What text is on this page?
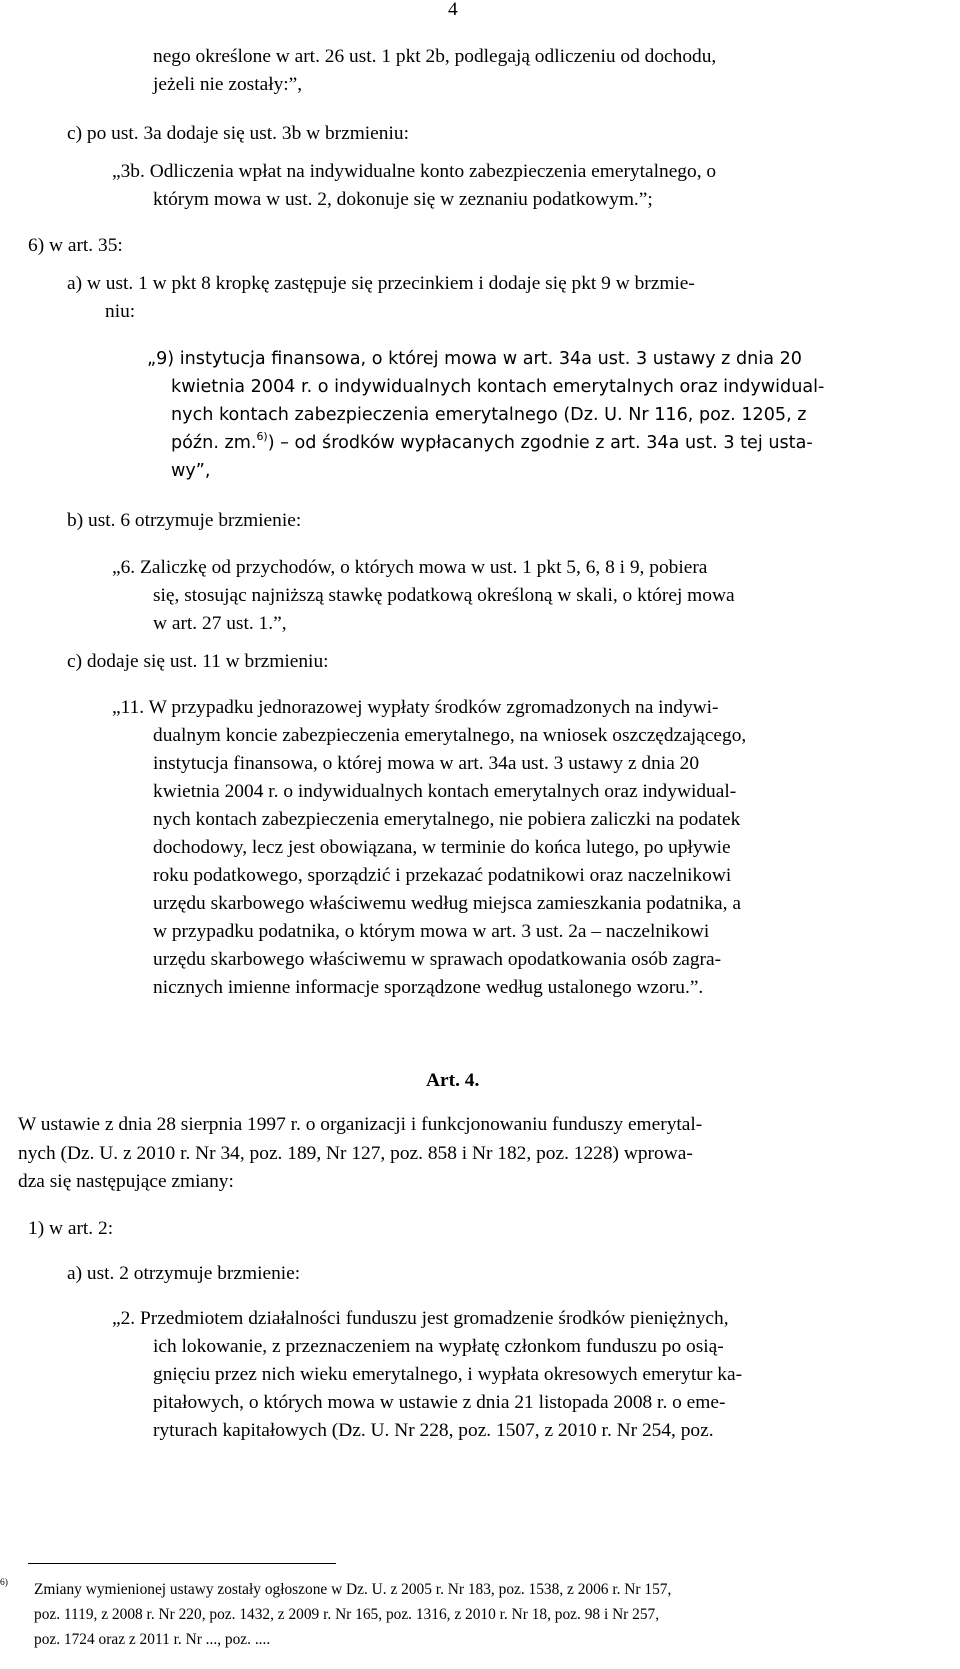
4
nego określone w art. 26 ust. 1 pkt 2b, podlegają odliczeniu od dochodu,
jeżeli nie zostały:”,
c) po ust. 3a dodaje się ust. 3b w brzmieniu:
„3b. Odliczenia wpłat na indywidualne konto zabezpieczenia emerytalnego, o
którym mowa w ust. 2, dokonuje się w zeznaniu podatkowym.”;
6) w art. 35:
a) w ust. 1 w pkt 8 kropkę zastępuje się przecinkiem i dodaje się pkt 9 w brzmie-
niu:
„9) instytucja finansowa, o której mowa w art. 34a ust. 3 ustawy z dnia 20
kwietnia 2004 r. o indywidualnych kontach emerytalnych oraz indywidual-
nych kontach zabezpieczenia emerytalnego (Dz. U. Nr 116, poz. 1205, z
późn. zm.$^{6)}$) – od środków wypłacanych zgodnie z art. 34a ust. 3 tej usta-
wy”,
b) ust. 6 otrzymuje brzmienie:
„6. Zaliczkę od przychodów, o których mowa w ust. 1 pkt 5, 6, 8 i 9, pobiera
się, stosując najniższą stawkę podatkową określoną w skali, o której mowa
w art. 27 ust. 1.”,
c) dodaje się ust. 11 w brzmieniu:
„11. W przypadku jednorazowej wypłaty środków zgromadzonych na indywi-
dualnym koncie zabezpieczenia emerytalnego, na wniosek oszczędzającego,
instytucja finansowa, o której mowa w art. 34a ust. 3 ustawy z dnia 20
kwietnia 2004 r. o indywidualnych kontach emerytalnych oraz indywidual-
nych kontach zabezpieczenia emerytalnego, nie pobiera zaliczki na podatek
dochodowy, lecz jest obowiązana, w terminie do końca lutego, po upływie
roku podatkowego, sporządzić i przekazać podatnikowi oraz naczelnikowi
urzędu skarbowego właściwemu według miejsca zamieszkania podatnika, a
w przypadku podatnika, o którym mowa w art. 3 ust. 2a – naczelnikowi
urzędu skarbowego właściwemu w sprawach opodatkowania osób zagra-
nicznych imienne informacje sporządzone według ustalonego wzoru.”.
Art. 4.
W ustawie z dnia 28 sierpnia 1997 r. o organizacji i funkcjonowaniu funduszy emerytal-
nych (Dz. U. z 2010 r. Nr 34, poz. 189, Nr 127, poz. 858 i Nr 182, poz. 1228) wprowa-
dza się następujące zmiany:
1) w art. 2:
a) ust. 2 otrzymuje brzmienie:
„2. Przedmiotem działalności funduszu jest gromadzenie środków pieniężnych,
ich lokowanie, z przeznaczeniem na wypłatę członkom funduszu po osią-
gnięciu przez nich wieku emerytalnego, i wypłata okresowych emerytur ka-
pitałowych, o których mowa w ustawie z dnia 21 listopada 2008 r. o eme-
ryturach kapitałowych (Dz. U. Nr 228, poz. 1507, z 2010 r. Nr 254, poz.
$^{6)}$ Zmiany wymienionej ustawy zostały ogłoszone w Dz. U. z 2005 r. Nr 183, poz. 1538, z 2006 r. Nr 157,
poz. 1119, z 2008 r. Nr 220, poz. 1432, z 2009 r. Nr 165, poz. 1316, z 2010 r. Nr 18, poz. 98 i Nr 257,
poz. 1724 oraz z 2011 r. Nr ..., poz. ....
